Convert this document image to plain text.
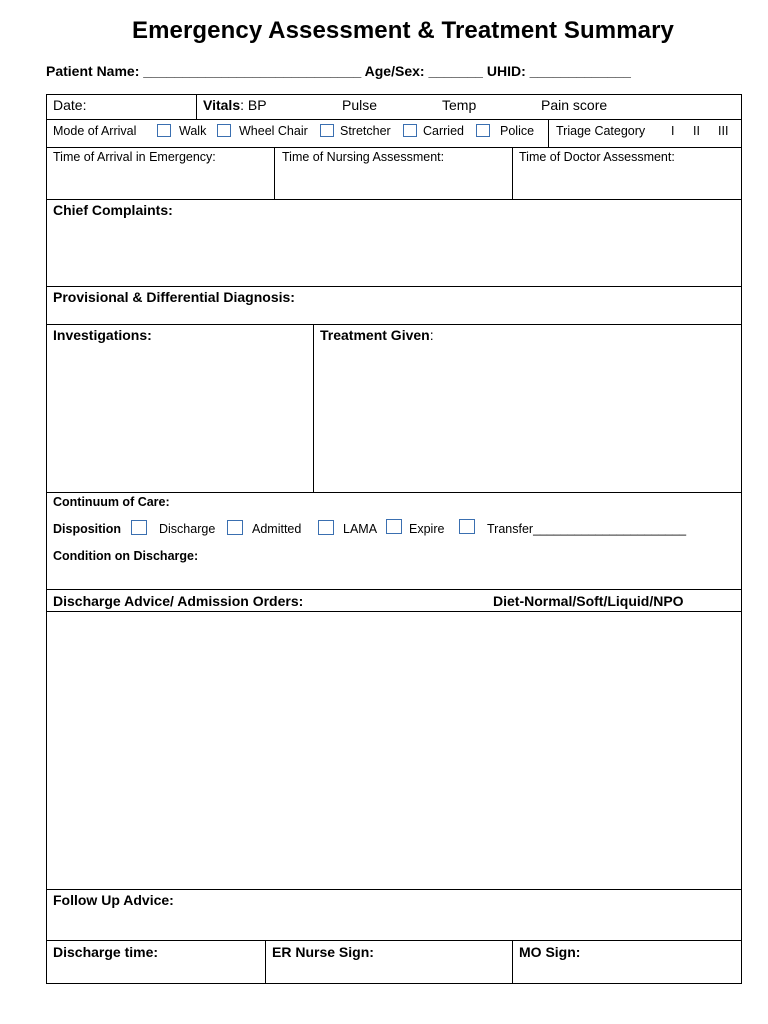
Emergency Assessment & Treatment Summary
Patient Name: ____________________________ Age/Sex: _______ UHID: _____________
Date:	Vitals: BP	Pulse	Temp	Pain score
Mode of Arrival	Walk	Wheel Chair	Stretcher	Carried	Police Triage Category I II III
Time of Arrival in Emergency:	Time of Nursing Assessment:	Time of Doctor Assessment:
Chief Complaints:
Provisional & Differential Diagnosis:
Investigations:	Treatment Given:
Continuum of Care:
Disposition	Discharge	Admitted	LAMA	Expire	Transfer______________________
Condition on Discharge:
Discharge Advice/ Admission Orders:	Diet-Normal/Soft/Liquid/NPO
Follow Up Advice:
Discharge time:	ER Nurse Sign:	MO Sign:
